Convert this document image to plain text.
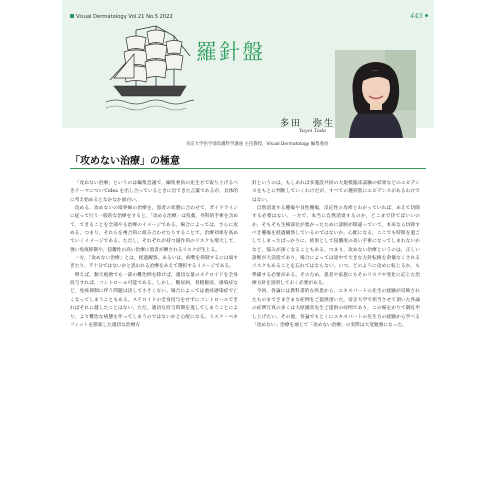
Visual Dermatology Vol.21 No.5 2022	443
羅針盤
多田　弥生
Yayoi Tada
帝京大学医学部皮膚科学講座 主任教授，Visual Dermatology 編集委員
「攻めない治療」の極意

「攻めない治療」というのは編集会議で，編集委員の先生方で取り上げるべきテーマについてidea を出し合っているときに出てきた言葉であるが，具体的に考え始めるとなかなか面白い。

攻める，攻めないの境界線の治療を，患者の状態に合わせて，ガイドラインに従って行う一般的な治療をすると，「攻める治療」は投薬，外科的手術を含めて，できることを全部やる治療のイメージである。場合によっては，さらに攻める，つまり，それらを複合的に組み合わせたりすることで，治療効果を高めていくイメージである。ただし，それぞれが持つ副作用のリスクも増大して，強い免疫抑制や，侵襲性の高い治療に患者が晒されるリスクが生じる。

一方，「攻めない治療」とは，経過観察，あるいは，病勢を抑制するには弱すぎたり，不十分ではないかと思われる治療をあえて選択するイメージである。

例えば，類天疱瘡でも一部の難治例を除けば，適切な量のステロイドを全身投与すれば，コントロール可能である。しかし，糖尿病，骨粗鬆症，感染症など，免疫抑制に伴う問題は決して小さくない。場合によっては重症感染症で亡くなってしまうこともある。ステロイドの全身投与をせずにコントロールできればそれに越したことはない。ただ，適切な投与時期を逃してしまうことにより，より難治な病態を作ってしまうのではないかと心配になる。リスク・ベネフィットを勘案した適切な治療方

針というのは，もしあれば多施設共同の大規模臨床試験の結果などのエビデンスをもとに判断していくわけだが，すべての選択肢にエビデンスがあるわけではない。

自然消退する腫瘍や良性腫瘍，反応性の皮疹とわかっていれば，あえて切除する必要はない。一方で，本当に自然消退するのか，どこまで待てばいいのか，そもそも生検部位が悪かったために診断が間違っていて，本来なら切除すべき腫瘍を経過観察しているのではないか，心配になる。ここでも時間を過ごしてしまったばっかりに，結果として侵襲度の高い手術になってしまわないかなど，悩みが深くなることもある。つまり，攻めない治療というのは，正しい診断が大前提であり，場合によっては途中で大きな方針転換を余儀なくされるリスクもあることを忘れてはならない。いつ，どのように攻めに転じるか，も準備する必要がある。そのため，患者や家族にもそのリスクや変化に応じた治療方針を説明しておく必要がある。

今回，各論には教科書的な疾患から，エキスパートの先生の経験が反映されたものまでさまざまな症例をご提供頂いた。帝京大学で担当させて頂いた各論の症例写真の多くは大原國章先生ご提供の症例であり，この場をかりて御礼申し上げたい。その他，各論でもとくにエキスパートの先生方の経験から学べる「攻めない」治療を通じて「攻めない治療」の実際は大変勉強になった。
